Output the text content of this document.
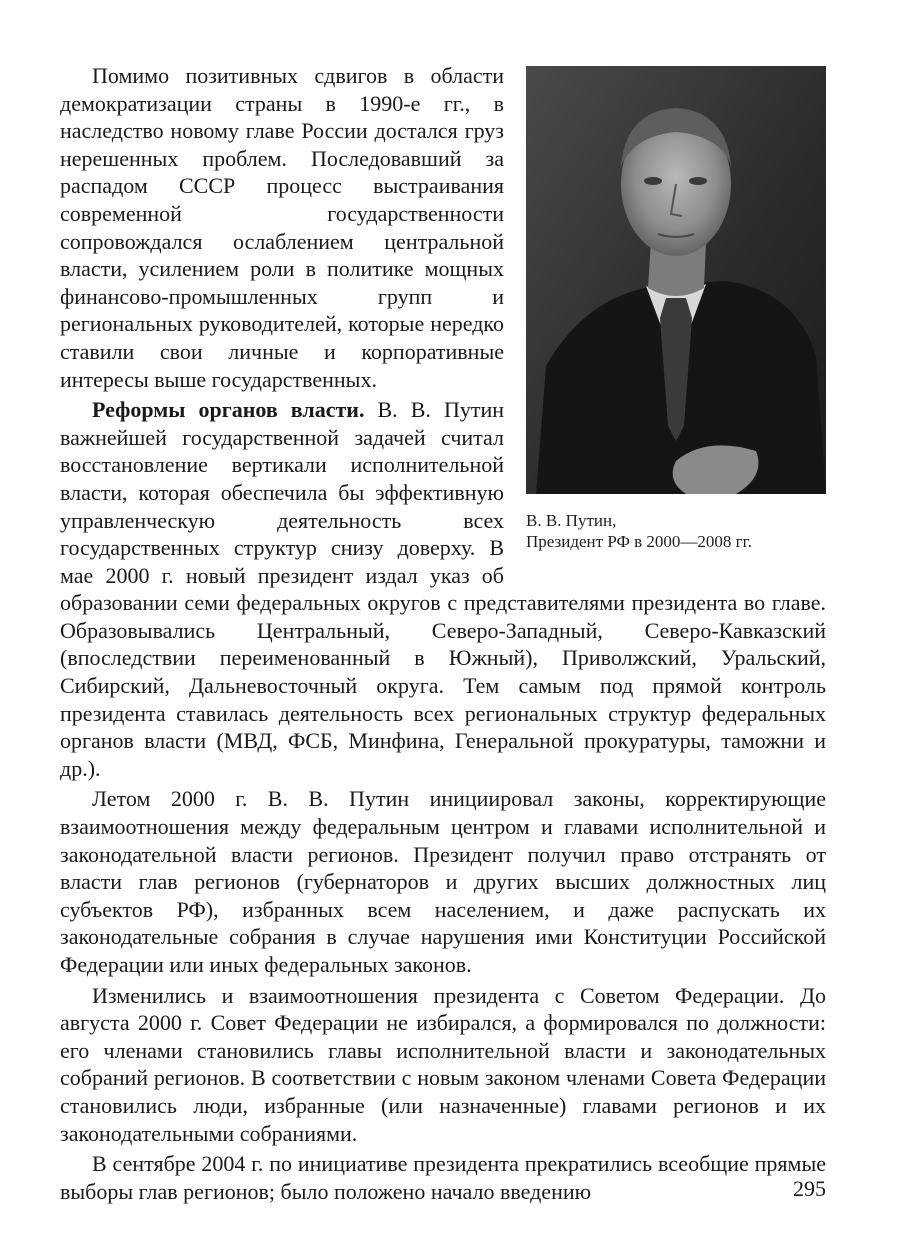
В. В. Путин,
Президент РФ в 2000—2008 гг.

Помимо позитивных сдвигов в области демократизации страны в 1990-е гг., в наследство новому главе России достался груз нерешенных проблем. Последовавший за распадом СССР процесс выстраивания современной государственности сопровождался ослаблением центральной власти, усилением роли в политике мощных финансово-промышленных групп и региональных руководителей, которые нередко ставили свои личные и корпоративные интересы выше государственных.

Реформы органов власти. В. В. Путин важнейшей государственной задачей считал восстановление вертикали исполнительной власти, которая обеспечила бы эффективную управленческую деятельность всех государственных структур снизу доверху. В мае 2000 г. новый президент издал указ об образовании семи федеральных округов с представителями президента во главе. Образовывались Центральный, Северо-Западный, Северо-Кавказский (впоследствии переименованный в Южный), Приволжский, Уральский, Сибирский, Дальневосточный округа. Тем самым под прямой контроль президента ставилась деятельность всех региональных структур федеральных органов власти (МВД, ФСБ, Минфина, Генеральной прокуратуры, таможни и др.).

Летом 2000 г. В. В. Путин инициировал законы, корректирующие взаимоотношения между федеральным центром и главами исполнительной и законодательной власти регионов. Президент получил право отстранять от власти глав регионов (губернаторов и других высших должностных лиц субъектов РФ), избранных всем населением, и даже распускать их законодательные собрания в случае нарушения ими Конституции Российской Федерации или иных федеральных законов.

Изменились и взаимоотношения президента с Советом Федерации. До августа 2000 г. Совет Федерации не избирался, а формировался по должности: его членами становились главы исполнительной власти и законодательных собраний регионов. В соответствии с новым законом членами Совета Федерации становились люди, избранные (или назначенные) главами регионов и их законодательными собраниями.

В сентябре 2004 г. по инициативе президента прекратились всеобщие прямые выборы глав регионов; было положено начало введению	295
